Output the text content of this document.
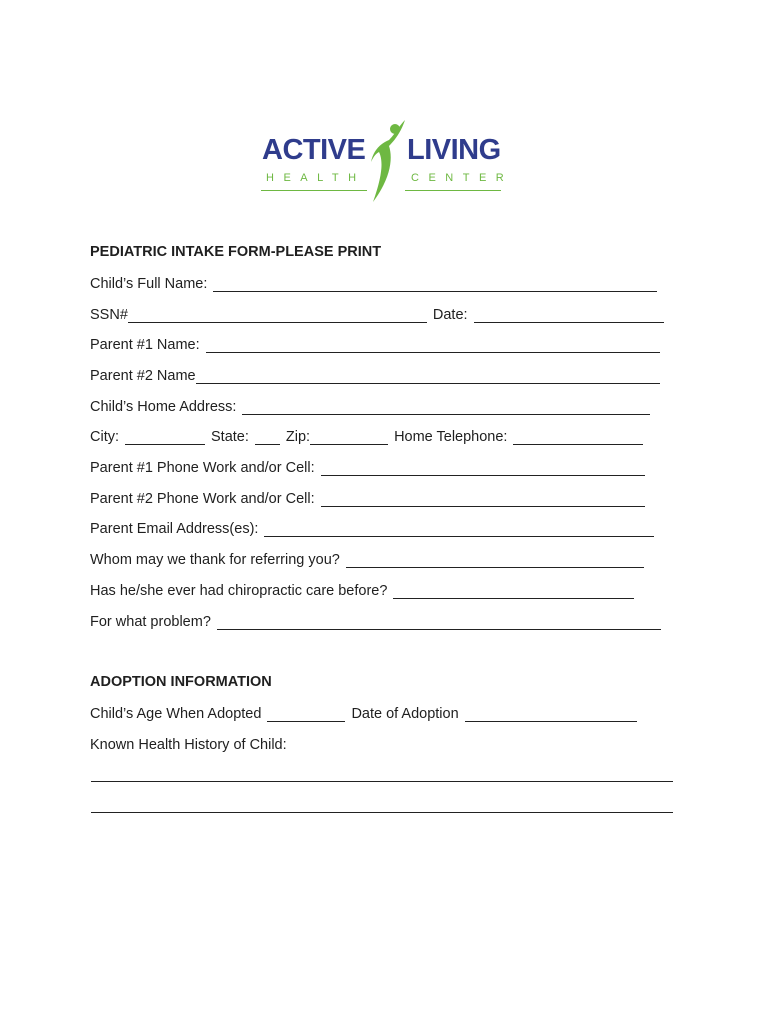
ACTIVE LIVING
HEALTH	CENTER
PEDIATRIC INTAKE FORM-PLEASE PRINT
Child’s Full Name:
SSN#	Date:
Parent #1 Name:
Parent #2 Name
Child’s Home Address:
City:	State:	Zip:	Home Telephone:
Parent #1 Phone Work and/or Cell:
Parent #2 Phone Work and/or Cell:
Parent Email Address(es):
Whom may we thank for referring you?
Has he/she ever had chiropractic care before?
For what problem?
ADOPTION INFORMATION
Child’s Age When Adopted	Date of Adoption
Known Health History of Child:
